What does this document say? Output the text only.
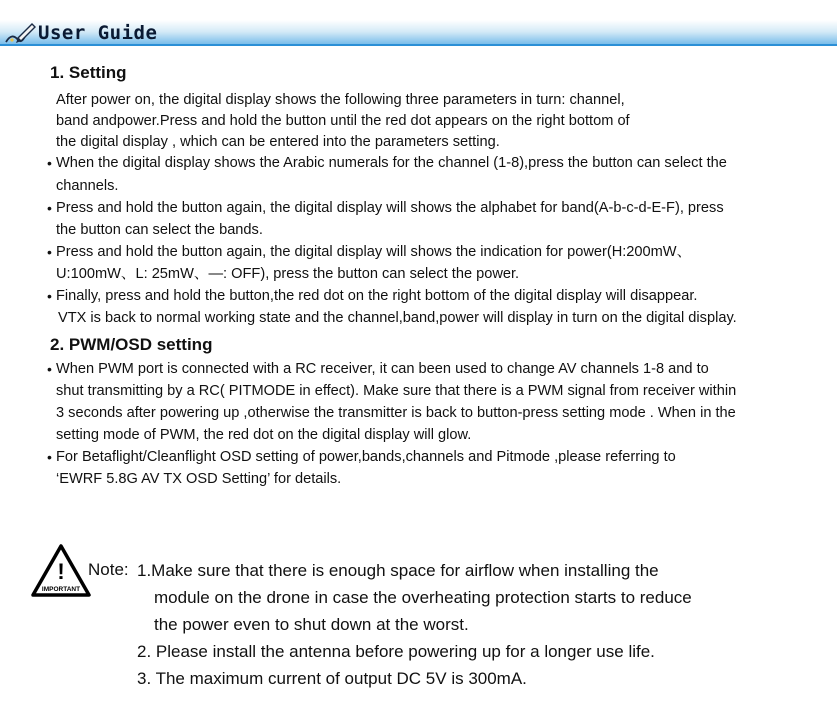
User Guide
1. Setting
After power on, the digital display shows the following three parameters in turn: channel,
band andpower.Press and hold the button until the red dot appears on the right bottom of
the digital display , which can be entered into the parameters setting.
• When the digital display shows the Arabic numerals for the channel (1-8),press the button can select the
channels.
• Press and hold the button again, the digital display will shows the alphabet for band(A-b-c-d-E-F), press
the button can select the bands.
• Press and hold the button again, the digital display will shows the indication for power(H:200mW、
U:100mW、L: 25mW、—: OFF), press the button can select the power.
• Finally, press and hold the button,the red dot on the right bottom of the digital display will disappear.
VTX is back to normal working state and the channel,band,power will display in turn on the digital display.
2. PWM/OSD setting
• When PWM port is connected with a RC receiver, it can been used to change AV channels 1-8 and to
shut transmitting by a RC( PITMODE in effect). Make sure that there is a PWM signal from receiver within
3 seconds after powering up ,otherwise the transmitter is back to button-press setting mode . When in the
setting mode of PWM, the red dot on the digital display will glow.
• For Betaflight/Cleanflight OSD setting of power,bands,channels and Pitmode ,please referring to
‘EWRF 5.8G AV TX OSD Setting’ for details.
!
IMPORTANT
Note: 1.Make sure that there is enough space for airflow when installing the
module on the drone in case the overheating protection starts to reduce
the power even to shut down at the worst.
2. Please install the antenna before powering up for a longer use life.
3. The maximum current of output DC 5V is 300mA.
